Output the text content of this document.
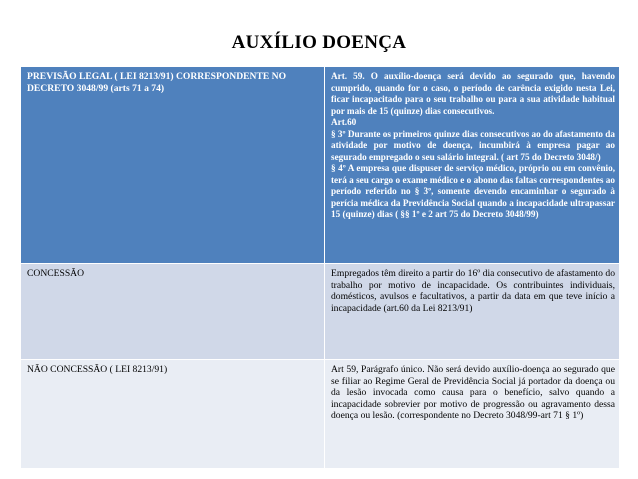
AUXÍLIO DOENÇA
PREVISÃO LEGAL ( LEI 8213/91) CORRESPONDENTE NO DECRETO 3048/99 (arts 71 a 74)	Art. 59. O auxílio-doença será devido ao segurado que, havendo cumprido, quando for o caso, o período de carência exigido nesta Lei, ficar incapacitado para o seu trabalho ou para a sua atividade habitual por mais de 15 (quinze) dias consecutivos.
Art.60
§ 3º Durante os primeiros quinze dias consecutivos ao do afastamento da atividade por motivo de doença, incumbirá à empresa pagar ao segurado empregado o seu salário integral. ( art 75 do Decreto 3048/)
§ 4º A empresa que dispuser de serviço médico, próprio ou em convênio, terá a seu cargo o exame médico e o abono das faltas correspondentes ao período referido no § 3º, somente devendo encaminhar o segurado à perícia médica da Previdência Social quando a incapacidade ultrapassar 15 (quinze) dias ( §§ 1º e 2 art 75 do Decreto 3048/99)

CONCESSÃO	Empregados têm direito a partir do 16º dia consecutivo de afastamento do trabalho por motivo de incapacidade. Os contribuintes individuais, domésticos, avulsos e facultativos, a partir da data em que teve início a incapacidade (art.60 da Lei 8213/91)

NÃO CONCESSÃO ( LEI 8213/91)	Art 59, Parágrafo único. Não será devido auxílio-doença ao segurado que se filiar ao Regime Geral de Previdência Social já portador da doença ou da lesão invocada como causa para o benefício, salvo quando a incapacidade sobrevier por motivo de progressão ou agravamento dessa doença ou lesão. (correspondente no Decreto 3048/99-art 71 § 1º)
